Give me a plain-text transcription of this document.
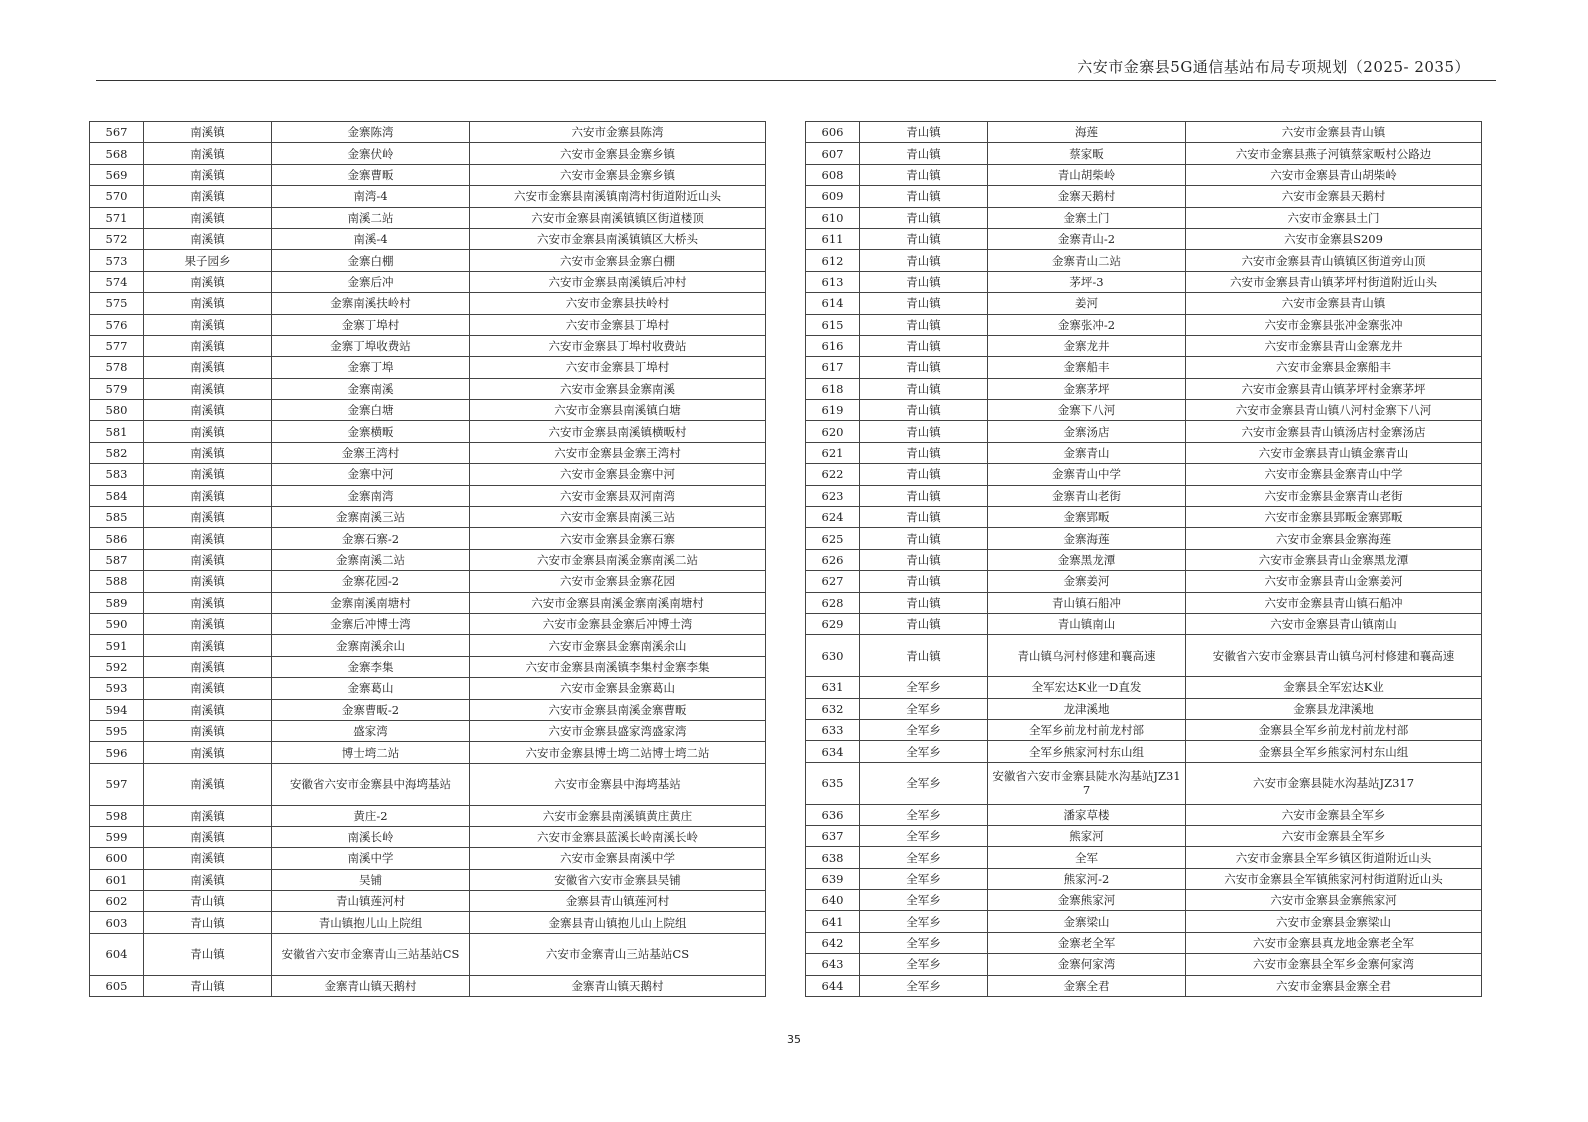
六安市金寨县5G通信基站布局专项规划（2025- 2035）
567	南溪镇	金寨陈湾	六安市金寨县陈湾
568	南溪镇	金寨伏岭	六安市金寨县金寨乡镇
569	南溪镇	金寨曹畈	六安市金寨县金寨乡镇
570	南溪镇	南湾-4	六安市金寨县南溪镇南湾村街道附近山头
571	南溪镇	南溪二站	六安市金寨县南溪镇镇区街道楼顶
572	南溪镇	南溪-4	六安市金寨县南溪镇镇区大桥头
573	果子园乡	金寨白棚	六安市金寨县金寨白棚
574	南溪镇	金寨后冲	六安市金寨县南溪镇后冲村
575	南溪镇	金寨南溪扶岭村	六安市金寨县扶岭村
576	南溪镇	金寨丁埠村	六安市金寨县丁埠村
577	南溪镇	金寨丁埠收费站	六安市金寨县丁埠村收费站
578	南溪镇	金寨丁埠	六安市金寨县丁埠村
579	南溪镇	金寨南溪	六安市金寨县金寨南溪
580	南溪镇	金寨白塘	六安市金寨县南溪镇白塘
581	南溪镇	金寨横畈	六安市金寨县南溪镇横畈村
582	南溪镇	金寨王湾村	六安市金寨县金寨王湾村
583	南溪镇	金寨中河	六安市金寨县金寨中河
584	南溪镇	金寨南湾	六安市金寨县双河南湾
585	南溪镇	金寨南溪三站	六安市金寨县南溪三站
586	南溪镇	金寨石寨-2	六安市金寨县金寨石寨
587	南溪镇	金寨南溪二站	六安市金寨县南溪金寨南溪二站
588	南溪镇	金寨花园-2	六安市金寨县金寨花园
589	南溪镇	金寨南溪南塘村	六安市金寨县南溪金寨南溪南塘村
590	南溪镇	金寨后冲博士湾	六安市金寨县金寨后冲博士湾
591	南溪镇	金寨南溪余山	六安市金寨县金寨南溪余山
592	南溪镇	金寨李集	六安市金寨县南溪镇李集村金寨李集
593	南溪镇	金寨葛山	六安市金寨县金寨葛山
594	南溪镇	金寨曹畈-2	六安市金寨县南溪金寨曹畈
595	南溪镇	盛家湾	六安市金寨县盛家湾盛家湾
596	南溪镇	博士塆二站	六安市金寨县博士塆二站博士塆二站
597	南溪镇	安徽省六安市金寨县中海塆基站	六安市金寨县中海塆基站
598	南溪镇	黄庄-2	六安市金寨县南溪镇黄庄黄庄
599	南溪镇	南溪长岭	六安市金寨县蓝溪长岭南溪长岭
600	南溪镇	南溪中学	六安市金寨县南溪中学
601	南溪镇	吴铺	安徽省六安市金寨县吴铺
602	青山镇	青山镇莲河村	金寨县青山镇莲河村
603	青山镇	青山镇抱儿山上院组	金寨县青山镇抱儿山上院组
604	青山镇	安徽省六安市金寨青山三站基站CS	六安市金寨青山三站基站CS
605	青山镇	金寨青山镇天鹅村	金寨青山镇天鹅村
606	青山镇	海莲	六安市金寨县青山镇
607	青山镇	蔡家畈	六安市金寨县燕子河镇蔡家畈村公路边
608	青山镇	青山胡柴岭	六安市金寨县青山胡柴岭
609	青山镇	金寨天鹅村	六安市金寨县天鹅村
610	青山镇	金寨土门	六安市金寨县土门
611	青山镇	金寨青山-2	六安市金寨县S209
612	青山镇	金寨青山二站	六安市金寨县青山镇镇区街道旁山顶
613	青山镇	茅坪-3	六安市金寨县青山镇茅坪村街道附近山头
614	青山镇	姜河	六安市金寨县青山镇
615	青山镇	金寨张冲-2	六安市金寨县张冲金寨张冲
616	青山镇	金寨龙井	六安市金寨县青山金寨龙井
617	青山镇	金寨船丰	六安市金寨县金寨船丰
618	青山镇	金寨茅坪	六安市金寨县青山镇茅坪村金寨茅坪
619	青山镇	金寨下八河	六安市金寨县青山镇八河村金寨下八河
620	青山镇	金寨汤店	六安市金寨县青山镇汤店村金寨汤店
621	青山镇	金寨青山	六安市金寨县青山镇金寨青山
622	青山镇	金寨青山中学	六安市金寨县金寨青山中学
623	青山镇	金寨青山老街	六安市金寨县金寨青山老街
624	青山镇	金寨郢畈	六安市金寨县郢畈金寨郢畈
625	青山镇	金寨海莲	六安市金寨县金寨海莲
626	青山镇	金寨黑龙潭	六安市金寨县青山金寨黑龙潭
627	青山镇	金寨姜河	六安市金寨县青山金寨姜河
628	青山镇	青山镇石船冲	六安市金寨县青山镇石船冲
629	青山镇	青山镇南山	六安市金寨县青山镇南山
630	青山镇	青山镇乌河村修建和襄高速	安徽省六安市金寨县青山镇乌河村修建和襄高速
631	全军乡	全军宏达K业一D直发	金寨县全军宏达K业
632	全军乡	龙津溪地	金寨县龙津溪地
633	全军乡	全军乡前龙村前龙村部	金寨县全军乡前龙村前龙村部
634	全军乡	全军乡熊家河村东山组	金寨县全军乡熊家河村东山组
635	全军乡	安徽省六安市金寨县陡水沟基站JZ317	六安市金寨县陡水沟基站JZ317
636	全军乡	潘家草楼	六安市金寨县全军乡
637	全军乡	熊家河	六安市金寨县全军乡
638	全军乡	全军	六安市金寨县全军乡镇区街道附近山头
639	全军乡	熊家河-2	六安市金寨县全军镇熊家河村街道附近山头
640	全军乡	金寨熊家河	六安市金寨县金寨熊家河
641	全军乡	金寨梁山	六安市金寨县金寨梁山
642	全军乡	金寨老全军	六安市金寨县真龙地金寨老全军
643	全军乡	金寨何家湾	六安市金寨县全军乡金寨何家湾
644	全军乡	金寨全君	六安市金寨县金寨全君
35
